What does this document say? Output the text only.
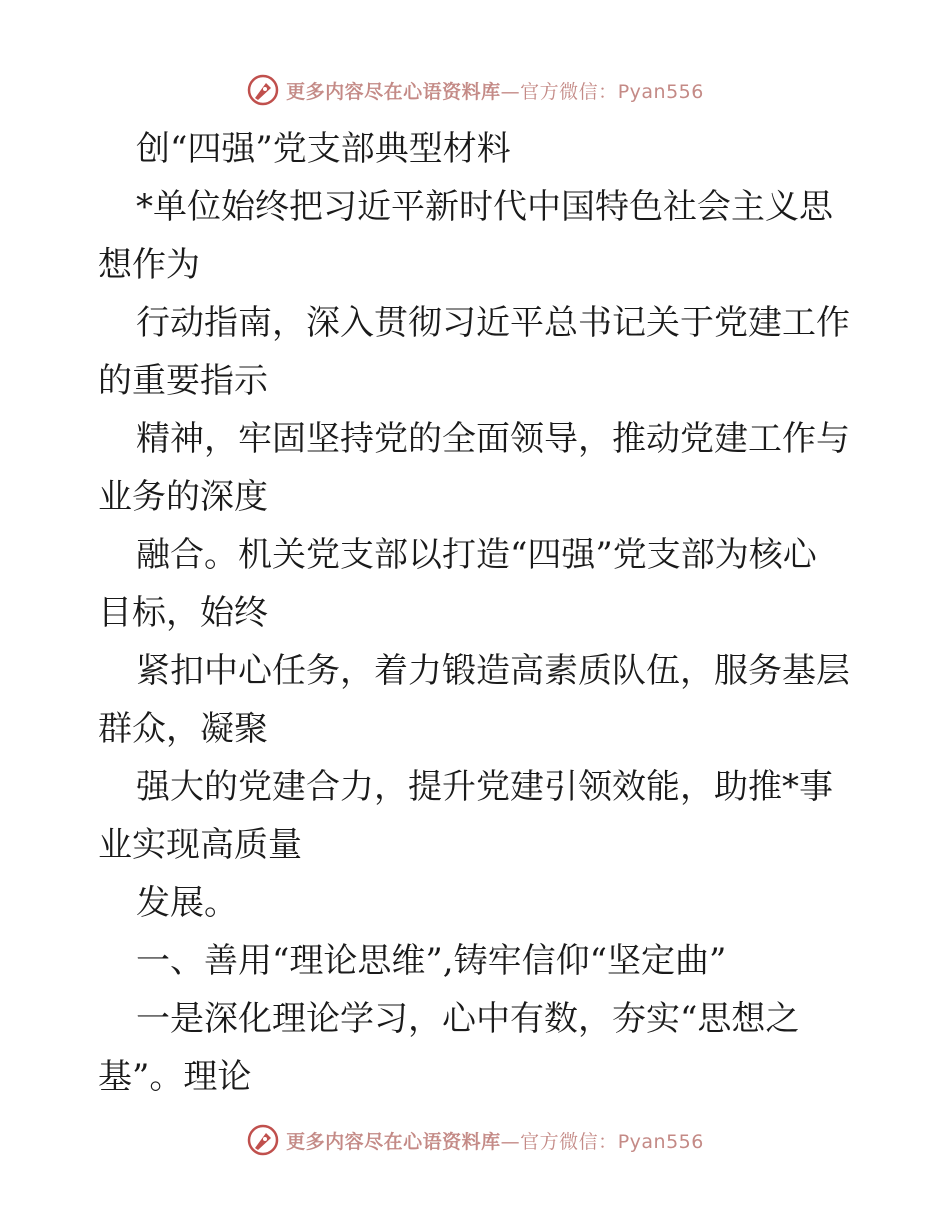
更多内容尽在心语资料库—官方微信：Pyan556
创“四强”党支部典型材料
*单位始终把习近平新时代中国特色社会主义思
想作为
行动指南，深入贯彻习近平总书记关于党建工作
的重要指示
精神，牢固坚持党的全面领导，推动党建工作与
业务的深度
融合。机关党支部以打造“四强”党支部为核心
目标，始终
紧扣中心任务，着力锻造高素质队伍，服务基层
群众，凝聚
强大的党建合力，提升党建引领效能，助推*事
业实现高质量
发展。
一、善用“理论思维”,铸牢信仰“坚定曲”
一是深化理论学习，心中有数，夯实“思想之
基”。理论
更多内容尽在心语资料库—官方微信：Pyan556
